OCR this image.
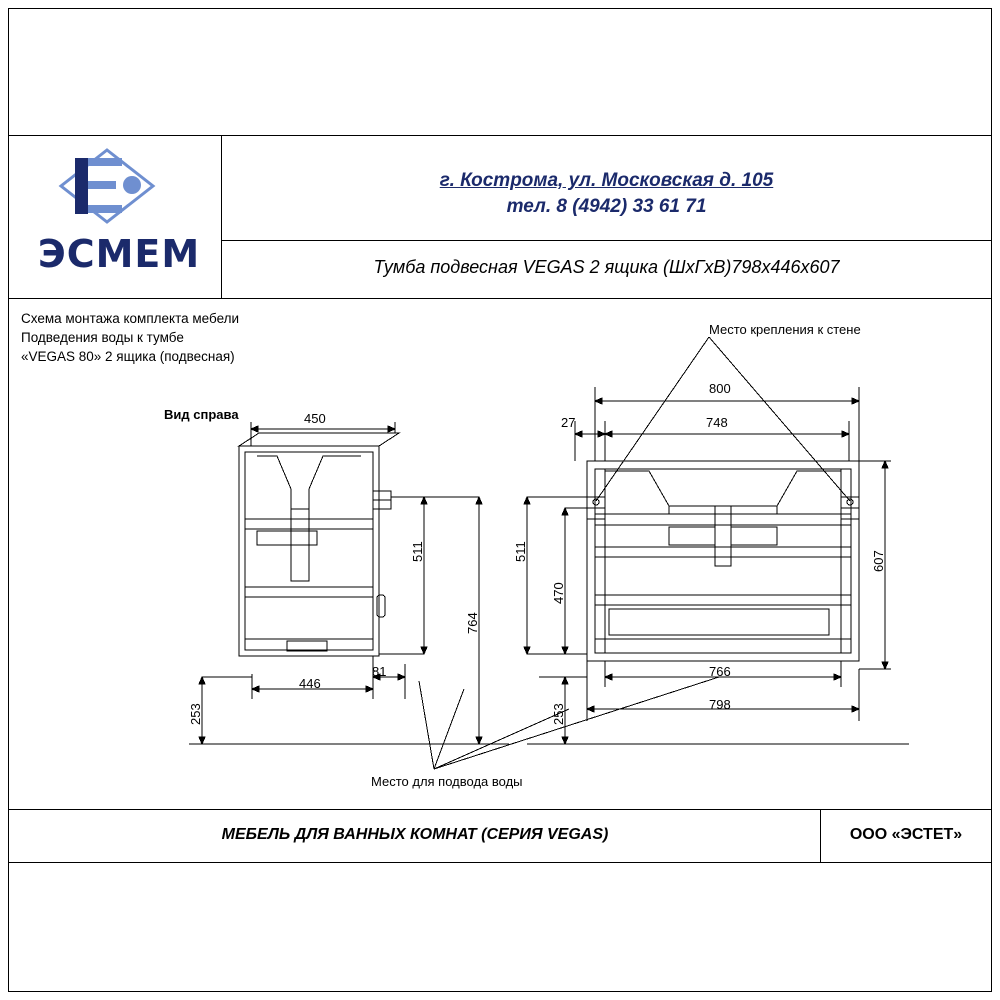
ЭСМЕМ
г. Кострома, ул. Московская д. 105
тел. 8 (4942) 33 61 71
Тумба подвесная VEGAS 2 ящика (ШхГхВ)798х446х607
Схема монтажа комплекта мебели
Подведения воды к тумбе
«VEGAS 80» 2 ящика (подвесная)
Вид справа
Место крепления к стене
Место для подвода воды
450
511
764
446
81
253
800
748
27
511
470
607
766
798
253
МЕБЕЛЬ ДЛЯ ВАННЫХ КОМНАТ (СЕРИЯ VEGAS)	ООО «ЭСТЕТ»
